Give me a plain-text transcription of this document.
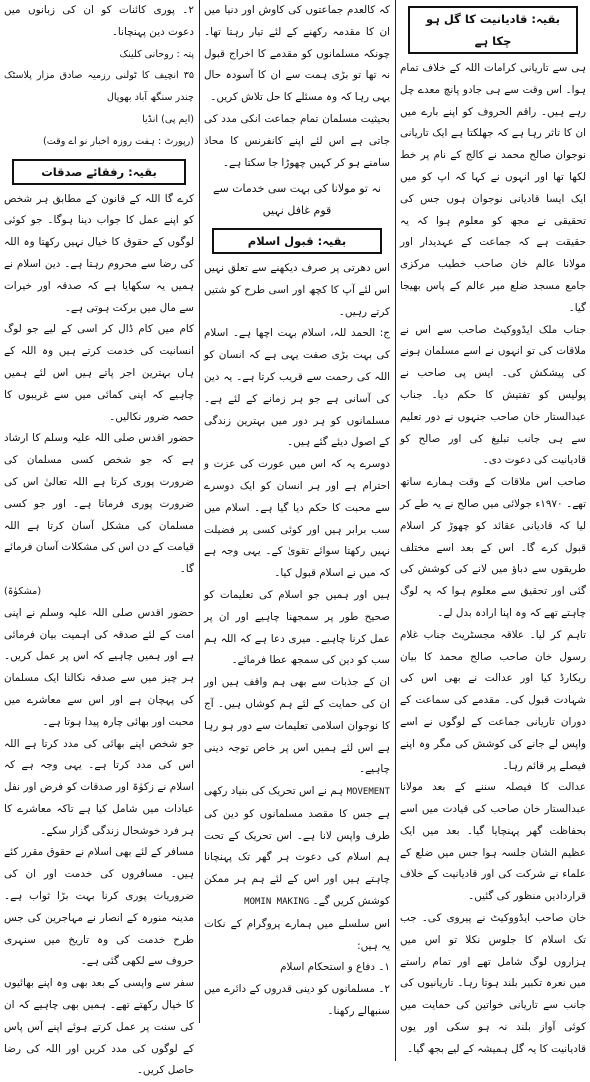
بقیہ: قادیانیت کا گل ہو چکا ہے

ہی سے تاریانی کرامات اللہ کے خلاف تمام ہوا۔ اس وقت سے ہی جادو پانچ معدے چل رہے ہیں۔ راقم الحروف کو اپنے بارے میں ان کا تاثر رہا ہے کہ جھلکتا ہے ایک تاریانی نوجوان صالح محمد نے کالج کے نام پر خط لکھا تھا اور انہوں نے کہا کہ اپ کو میں ایک ایسا قادیانی نوجوان ہوں جس کی تحقیقی نے مجھ کو معلوم ہوا کہ یہ حقیقت ہے کہ جماعت کے عہدیدار اور مولانا عالم خان صاحب خطیب مرکزی جامع مسجد ضلع میر عالم کے پاس بھیجا گیا۔

جناب ملک ایڈووکیٹ صاحب سے اس نے ملاقات کی تو انہوں نے اسے مسلمان ہونے کی پیشکش کی۔ ایس پی صاحب نے پولیس کو تفتیش کا حکم دیا۔ جناب عبدالستار خان صاحب جنہوں نے دور تعلیم سے ہی جانب تبلیغ کی اور صالح کو قادیانیت کی دعوت دی۔

صاحب اس ملاقات کے وقت ہمارے ساتھ تھے۔ ۱۹۷۰ء جولائی میں صالح نے یہ طے کر لیا کہ قادیانی عقائد کو چھوڑ کر اسلام قبول کرے گا۔ اس کے بعد اسے مختلف طریقوں سے دباؤ میں لانے کی کوشش کی گئی اور تحقیق سے معلوم ہوا کہ یہ لوگ چاہتے تھے کہ وہ اپنا ارادہ بدل لے۔

تاہم کر لیا۔ علاقہ مجسٹریٹ جناب غلام رسول خان صاحب صالح محمد کا بیان ریکارڈ کیا اور عدالت نے بھی اس کی شہادت قبول کی۔ مقدمے کی سماعت کے دوران تاریانی جماعت کے لوگوں نے اسے واپس لے جانے کی کوشش کی مگر وہ اپنے فیصلے پر قائم رہا۔

عدالت کا فیصلہ سننے کے بعد مولانا عبدالستار خان صاحب کی قیادت میں اسے بحفاظت گھر پہنچایا گیا۔ بعد میں ایک عظیم الشان جلسہ ہوا جس میں ضلع کے علماء نے شرکت کی اور قادیانیت کے خلاف قراردادیں منظور کی گئیں۔

خان صاحب ایڈووکیٹ نے پیروی کی۔ جب تک اسلام کا جلوس نکلا تو اس میں ہزاروں لوگ شامل تھے اور تمام راستے میں نعرہ تکبیر بلند ہوتا رہا۔ تاریانیوں کی جانب سے تاریانی خواتین کی حمایت میں کوئی آواز بلند نہ ہو سکی اور یوں قادیانیت کا یہ گل ہمیشہ کے لیے بجھ گیا۔

کہ کالعدم جماعتوں کی کاوش اور دنیا میں ان کا مقدمہ رکھنے کے لئے تیار رہتا تھا۔ چونکہ مسلمانوں کو مقدمے کا اخراج قبول نہ تھا تو بڑی ہمت سے ان کا آسودہ حال یہی رہا کہ وہ مسئلے کا حل تلاش کریں۔

بحیثیت مسلمان تمام جماعت انکی مدد کی جاتی ہے اس لئے اپنے کانفرنس کا محاذ سامنے ہو کر کہیں چھوڑا جا سکتا ہے۔

نہ تو مولانا کی بہت سی خدمات سے قوم غافل نہیں
بقیہ: قبول اسلام

اس دھرتی پر صرف دیکھنے سے تعلق نہیں اس لئے آپ کا کچھ اور اسی طرح کو شتیں کرتے رہیں۔

ج: الحمد للہ، اسلام بہت اچھا ہے۔ اسلام کی بہت بڑی صفت یہی ہے کہ انسان کو اللہ کی رحمت سے قریب کرتا ہے۔ یہ دین کی آسانی ہے جو ہر زمانے کے لئے ہے۔ مسلمانوں کو ہر دور میں بہترین زندگی کے اصول دیئے گئے ہیں۔

دوسرے یہ کہ اس میں عورت کی عزت و احترام ہے اور ہر انسان کو ایک دوسرے سے محبت کا حکم دیا گیا ہے۔ اسلام میں سب برابر ہیں اور کوئی کسی پر فضیلت نہیں رکھتا سوائے تقویٰ کے۔ یہی وجہ ہے کہ میں نے اسلام قبول کیا۔

ہیں اور ہمیں جو اسلام کی تعلیمات کو صحیح طور پر سمجھنا چاہیے اور ان پر عمل کرنا چاہیے۔ میری دعا ہے کہ اللہ ہم سب کو دین کی سمجھ عطا فرمائے۔

ان کے جذبات سے بھی ہم واقف ہیں اور ان کی حمایت کے لئے ہم کوشاں ہیں۔ آج کا نوجوان اسلامی تعلیمات سے دور ہو رہا ہے اس لئے ہمیں اس پر خاص توجہ دینی چاہیے۔

MOVEMENT ہم نے اس تحریک کی بنیاد رکھی ہے جس کا مقصد مسلمانوں کو دین کی طرف واپس لانا ہے۔ اس تحریک کے تحت ہم اسلام کی دعوت ہر گھر تک پہنچانا چاہتے ہیں اور اس کے لئے ہم ہر ممکن کوشش کریں گے۔ MOMIN MAKING

اس سلسلے میں ہمارے پروگرام کے نکات یہ ہیں:

۱۔ دفاع و استحکام اسلام

۲۔ مسلمانوں کو دینی قدروں کے دائرے میں سنبھالے رکھنا۔

۲۔ پوری کائنات کو ان کی زبانوں میں دعوت دین پہنچانا۔

پتہ : روحانی کلینک

۳۵ انچیف کا ٹولنی رزمیہ صادق مزار پلاسٹک چندر سنگھ آباد بھوپال

(ایم پی) انڈیا

(رپورٹ : ہفت روزہ اخبار نو اے وقت)

بقیہ: رفقائے صدقات

کرے گا اللہ کے قانون کے مطابق ہر شخص کو اپنے عمل کا جواب دینا ہوگا۔ جو کوئی لوگوں کے حقوق کا خیال نہیں رکھتا وہ اللہ کی رضا سے محروم رہتا ہے۔ دین اسلام نے ہمیں یہ سکھایا ہے کہ صدقہ اور خیرات سے مال میں برکت ہوتی ہے۔

کام میں کام ڈال کر اسی کے لیے جو لوگ انسانیت کی خدمت کرتے ہیں وہ اللہ کے ہاں بہترین اجر پاتے ہیں اس لئے ہمیں چاہیے کہ اپنی کمائی میں سے غریبوں کا حصہ ضرور نکالیں۔

حضور اقدس صلی اللہ علیہ وسلم کا ارشاد ہے کہ جو شخص کسی مسلمان کی ضرورت پوری کرتا ہے اللہ تعالیٰ اس کی ضرورت پوری فرماتا ہے۔ اور جو کسی مسلمان کی مشکل آسان کرتا ہے اللہ قیامت کے دن اس کی مشکلات آسان فرمائے گا۔

(مشکوٰۃ)

حضور اقدس صلی اللہ علیہ وسلم نے اپنی امت کے لئے صدقہ کی اہمیت بیان فرمائی ہے اور ہمیں چاہیے کہ اس پر عمل کریں۔ ہر چیز میں سے صدقہ نکالنا ایک مسلمان کی پہچان ہے اور اس سے معاشرے میں محبت اور بھائی چارہ پیدا ہوتا ہے۔

جو شخص اپنے بھائی کی مدد کرتا ہے اللہ اس کی مدد کرتا ہے۔ یہی وجہ ہے کہ اسلام نے زکوٰۃ اور صدقات کو فرض اور نفل عبادات میں شامل کیا ہے تاکہ معاشرے کا ہر فرد خوشحال زندگی گزار سکے۔

مسافر کے لئے بھی اسلام نے حقوق مقرر کئے ہیں۔ مسافروں کی خدمت اور ان کی ضروریات پوری کرنا بہت بڑا ثواب ہے۔ مدینہ منورہ کے انصار نے مہاجرین کی جس طرح خدمت کی وہ تاریخ میں سنہری حروف سے لکھی گئی ہے۔

سفر سے واپسی کے بعد بھی وہ اپنے بھائیوں کا خیال رکھتے تھے۔ ہمیں بھی چاہیے کہ ان کی سنت پر عمل کرتے ہوئے اپنے آس پاس کے لوگوں کی مدد کریں اور اللہ کی رضا حاصل کریں۔
